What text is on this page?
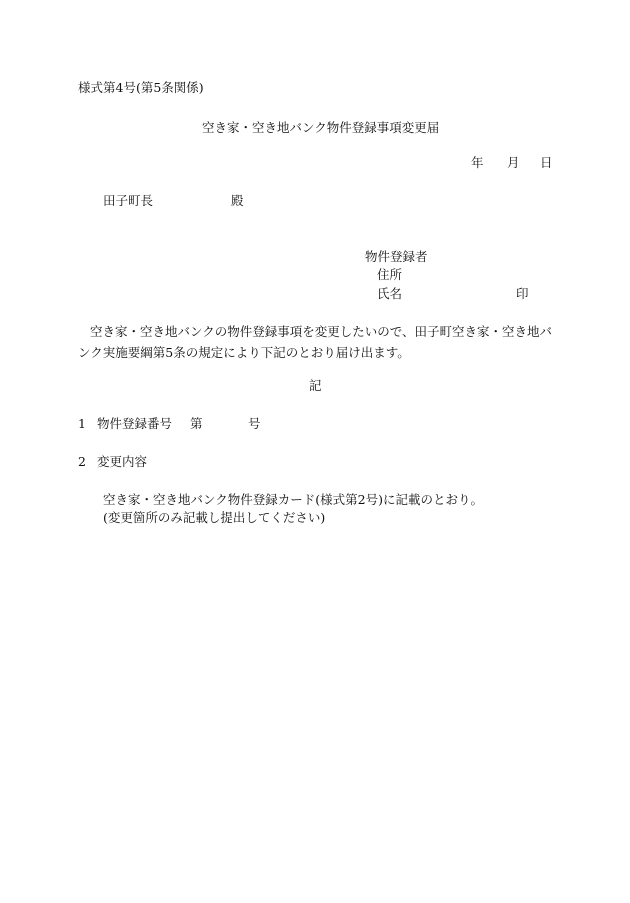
様式第4号(第5条関係)
空き家・空き地バンク物件登録事項変更届
年 月 日
田子町長	殿
物件登録者
住所
氏名	印
空き家・空き地バンクの物件登録事項を変更したいので、田子町空き家・空き地バンク実施要綱第5条の規定により下記のとおり届け出ます。
記
1 物件登録番号 第	号
2 変更内容
空き家・空き地バンク物件登録カード(様式第2号)に記載のとおり。
(変更箇所のみ記載し提出してください)
